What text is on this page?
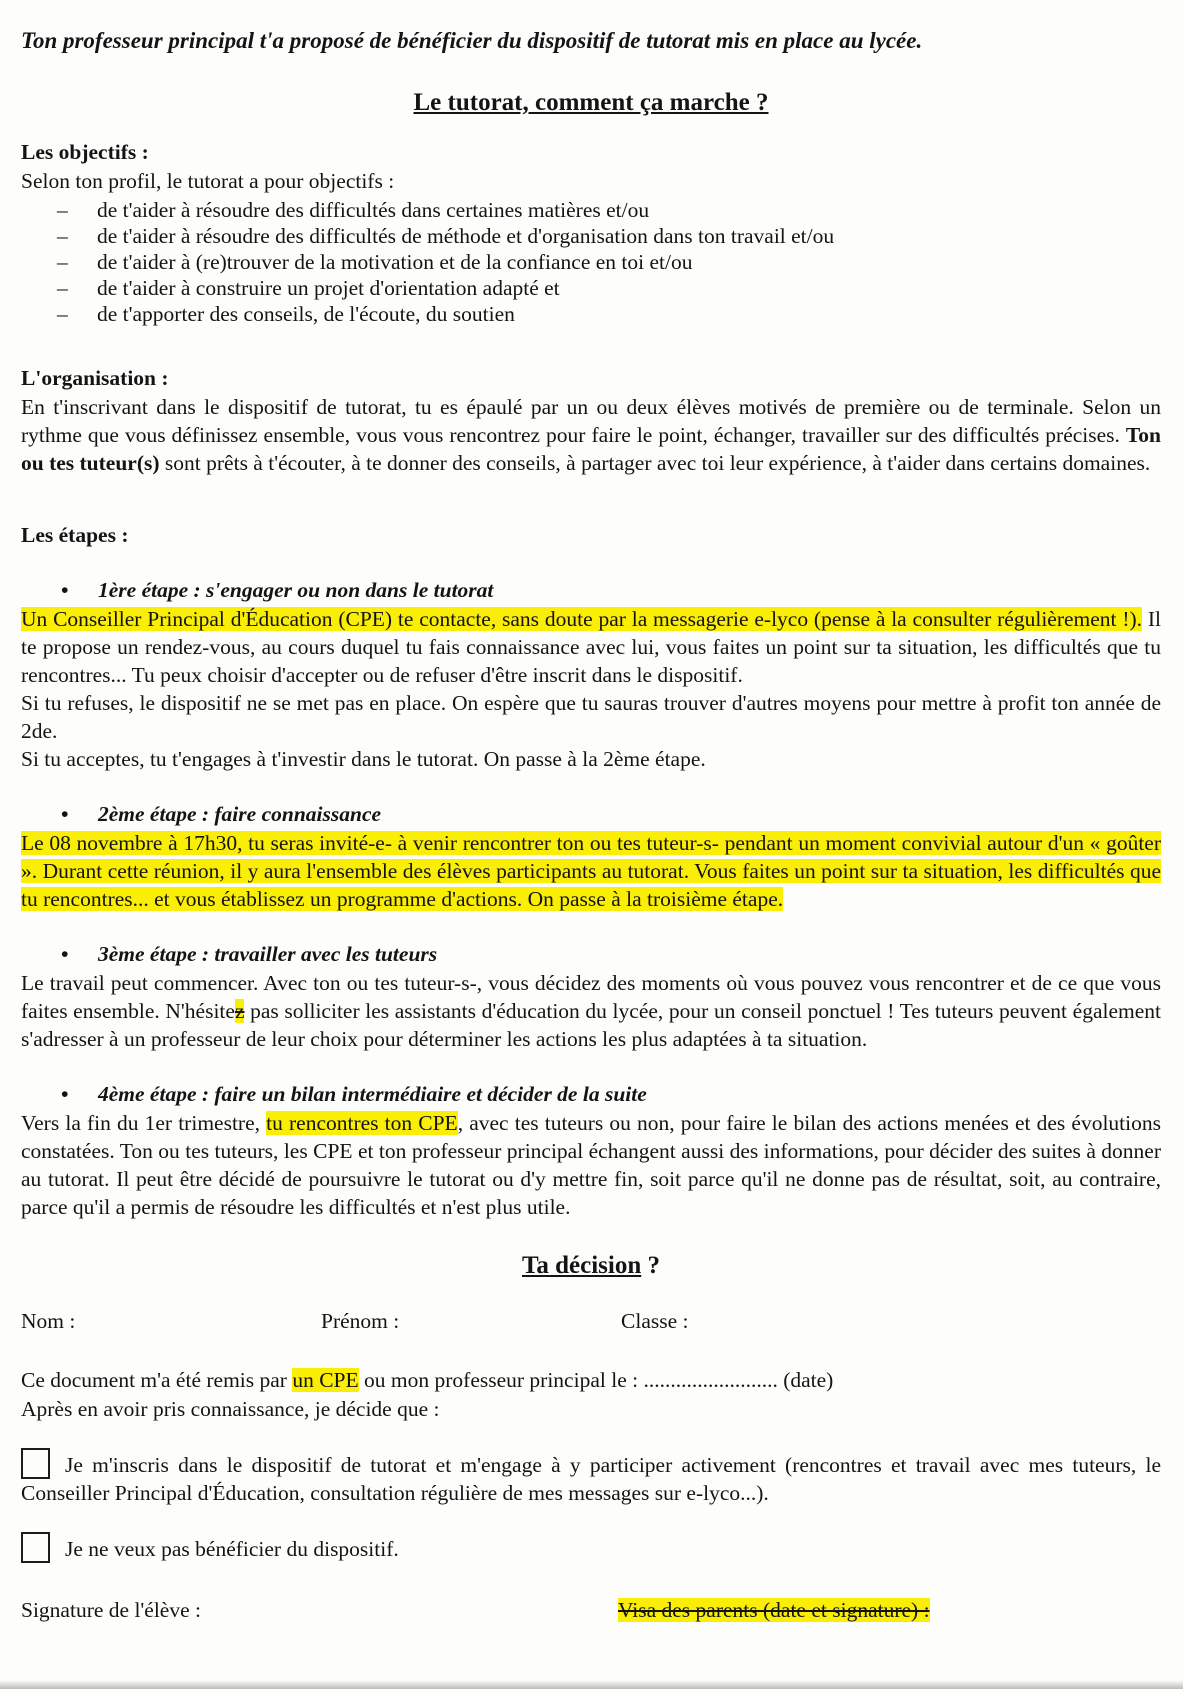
Ton professeur principal t'a proposé de bénéficier du dispositif de tutorat mis en place au lycée.

Le tutorat, comment ça marche ?

Les objectifs :

Selon ton profil, le tutorat a pour objectifs :

–	de t'aider à résoudre des difficultés dans certaines matières et/ou
–	de t'aider à résoudre des difficultés de méthode et d'organisation dans ton travail et/ou
–	de t'aider à (re)trouver de la motivation et de la confiance en toi et/ou
–	de t'aider à construire un projet d'orientation adapté et
–	de t'apporter des conseils, de l'écoute, du soutien

L'organisation :

En t'inscrivant dans le dispositif de tutorat, tu es épaulé par un ou deux élèves motivés de première ou de terminale. Selon un rythme que vous définissez ensemble, vous vous rencontrez pour faire le point, échanger, travailler sur des difficultés précises. Ton ou tes tuteur(s) sont prêts à t'écouter, à te donner des conseils, à partager avec toi leur expérience, à t'aider dans certains domaines.

Les étapes :

•	1ère étape : s'engager ou non dans le tutorat

Un Conseiller Principal d'Éducation (CPE) te contacte, sans doute par la messagerie e-lyco (pense à la consulter régulièrement !). Il te propose un rendez-vous, au cours duquel tu fais connaissance avec lui, vous faites un point sur ta situation, les difficultés que tu rencontres... Tu peux choisir d'accepter ou de refuser d'être inscrit dans le dispositif.

Si tu refuses, le dispositif ne se met pas en place. On espère que tu sauras trouver d'autres moyens pour mettre à profit ton année de 2de.

Si tu acceptes, tu t'engages à t'investir dans le tutorat. On passe à la 2ème étape.

•	2ème étape : faire connaissance

Le 08 novembre à 17h30, tu seras invité-e- à venir rencontrer ton ou tes tuteur-s- pendant un moment convivial autour d'un « goûter ». Durant cette réunion, il y aura l'ensemble des élèves participants au tutorat. Vous faites un point sur ta situation, les difficultés que tu rencontres... et vous établissez un programme d'actions. On passe à la troisième étape.

•	3ème étape : travailler avec les tuteurs

Le travail peut commencer. Avec ton ou tes tuteur-s-, vous décidez des moments où vous pouvez vous rencontrer et de ce que vous faites ensemble. N'hésitez pas solliciter les assistants d'éducation du lycée, pour un conseil ponctuel ! Tes tuteurs peuvent également s'adresser à un professeur de leur choix pour déterminer les actions les plus adaptées à ta situation.

•	4ème étape : faire un bilan intermédiaire et décider de la suite

Vers la fin du 1er trimestre, tu rencontres ton CPE, avec tes tuteurs ou non, pour faire le bilan des actions menées et des évolutions constatées. Ton ou tes tuteurs, les CPE et ton professeur principal échangent aussi des informations, pour décider des suites à donner au tutorat. Il peut être décidé de poursuivre le tutorat ou d'y mettre fin, soit parce qu'il ne donne pas de résultat, soit, au contraire, parce qu'il a permis de résoudre les difficultés et n'est plus utile.

Ta décision ?

Nom :	Prénom :	Classe :

Ce document m'a été remis par un CPE ou mon professeur principal le : ......................... (date)

Après en avoir pris connaissance, je décide que :

Je m'inscris dans le dispositif de tutorat et m'engage à y participer activement (rencontres et travail avec mes tuteurs, le Conseiller Principal d'Éducation, consultation régulière de mes messages sur e-lyco...).

Je ne veux pas bénéficier du dispositif.

Signature de l'élève :	Visa des parents (date et signature) :
